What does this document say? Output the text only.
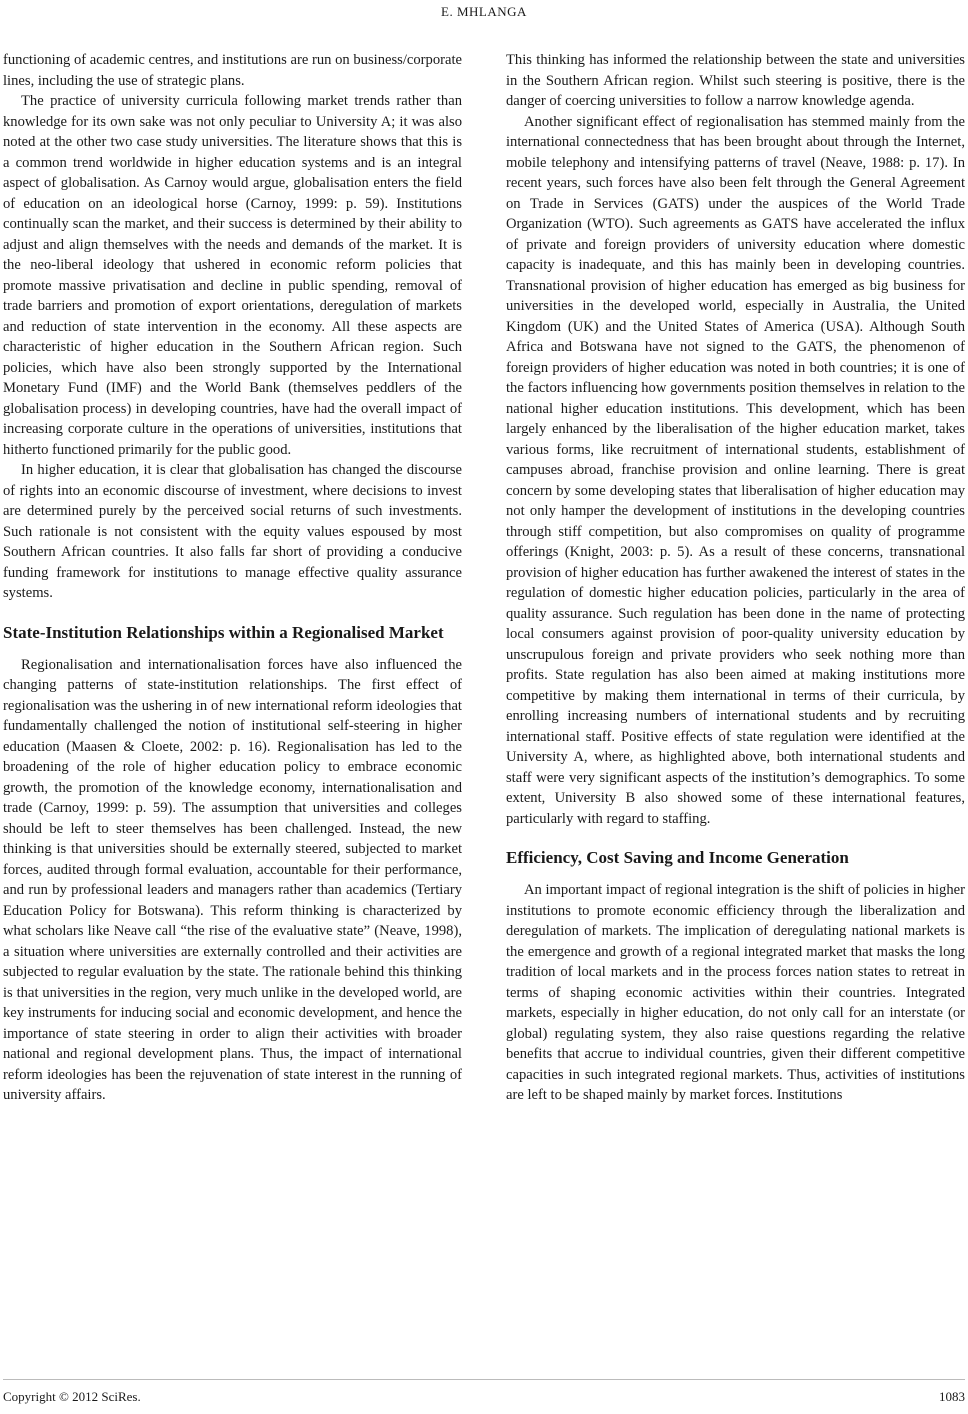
E. MHLANGA

functioning of academic centres, and institutions are run on business/corporate lines, including the use of strategic plans.

The practice of university curricula following market trends rather than knowledge for its own sake was not only peculiar to University A; it was also noted at the other two case study universities. The literature shows that this is a common trend worldwide in higher education systems and is an integral aspect of globalisation. As Carnoy would argue, globalisation enters the field of education on an ideological horse (Carnoy, 1999: p. 59). Institutions continually scan the market, and their success is determined by their ability to adjust and align themselves with the needs and demands of the market. It is the neo-liberal ideology that ushered in economic reform policies that promote massive privatisation and decline in public spending, removal of trade barriers and promotion of export orientations, deregulation of markets and reduction of state intervention in the economy. All these aspects are characteristic of higher education in the Southern African region. Such policies, which have also been strongly supported by the International Monetary Fund (IMF) and the World Bank (themselves peddlers of the globalisation process) in developing countries, have had the overall impact of increasing corporate culture in the operations of universities, institutions that hitherto functioned primarily for the public good.

In higher education, it is clear that globalisation has changed the discourse of rights into an economic discourse of investment, where decisions to invest are determined purely by the perceived social returns of such investments. Such rationale is not consistent with the equity values espoused by most Southern African countries. It also falls far short of providing a conducive funding framework for institutions to manage effective quality assurance systems.

State-Institution Relationships within a Regionalised Market

Regionalisation and internationalisation forces have also influenced the changing patterns of state-institution relationships. The first effect of regionalisation was the ushering in of new international reform ideologies that fundamentally challenged the notion of institutional self-steering in higher education (Maasen & Cloete, 2002: p. 16). Regionalisation has led to the broadening of the role of higher education policy to embrace economic growth, the promotion of the knowledge economy, internationalisation and trade (Carnoy, 1999: p. 59). The assumption that universities and colleges should be left to steer themselves has been challenged. Instead, the new thinking is that universities should be externally steered, subjected to market forces, audited through formal evaluation, accountable for their performance, and run by professional leaders and managers rather than academics (Tertiary Education Policy for Botswana). This reform thinking is characterized by what scholars like Neave call “the rise of the evaluative state” (Neave, 1998), a situation where universities are externally controlled and their activities are subjected to regular evaluation by the state. The rationale behind this thinking is that universities in the region, very much unlike in the developed world, are key instruments for inducing social and economic development, and hence the importance of state steering in order to align their activities with broader national and regional development plans. Thus, the impact of international reform ideologies has been the rejuvenation of state interest in the running of university affairs.

This thinking has informed the relationship between the state and universities in the Southern African region. Whilst such steering is positive, there is the danger of coercing universities to follow a narrow knowledge agenda.

Another significant effect of regionalisation has stemmed mainly from the international connectedness that has been brought about through the Internet, mobile telephony and intensifying patterns of travel (Neave, 1988: p. 17). In recent years, such forces have also been felt through the General Agreement on Trade in Services (GATS) under the auspices of the World Trade Organization (WTO). Such agreements as GATS have accelerated the influx of private and foreign providers of university education where domestic capacity is inadequate, and this has mainly been in developing countries. Transnational provision of higher education has emerged as big business for universities in the developed world, especially in Australia, the United Kingdom (UK) and the United States of America (USA). Although South Africa and Botswana have not signed to the GATS, the phenomenon of foreign providers of higher education was noted in both countries; it is one of the factors influencing how governments position themselves in relation to the national higher education institutions. This development, which has been largely enhanced by the liberalisation of the higher education market, takes various forms, like recruitment of international students, establishment of campuses abroad, franchise provision and online learning. There is great concern by some developing states that liberalisation of higher education may not only hamper the development of institutions in the developing countries through stiff competition, but also compromises on quality of programme offerings (Knight, 2003: p. 5). As a result of these concerns, transnational provision of higher education has further awakened the interest of states in the regulation of domestic higher education policies, particularly in the area of quality assurance. Such regulation has been done in the name of protecting local consumers against provision of poor-quality university education by unscrupulous foreign and private providers who seek nothing more than profits. State regulation has also been aimed at making institutions more competitive by making them international in terms of their curricula, by enrolling increasing numbers of international students and by recruiting international staff. Positive effects of state regulation were identified at the University A, where, as highlighted above, both international students and staff were very significant aspects of the institution’s demographics. To some extent, University B also showed some of these international features, particularly with regard to staffing.

Efficiency, Cost Saving and Income Generation

An important impact of regional integration is the shift of policies in higher institutions to promote economic efficiency through the liberalization and deregulation of markets. The implication of deregulating national markets is the emergence and growth of a regional integrated market that masks the long tradition of local markets and in the process forces nation states to retreat in terms of shaping economic activities within their countries. Integrated markets, especially in higher education, do not only call for an interstate (or global) regulating system, they also raise questions regarding the relative benefits that accrue to individual countries, given their different competitive capacities in such integrated regional markets. Thus, activities of institutions are left to be shaped mainly by market forces. Institutions

Copyright © 2012 SciRes.	1083
